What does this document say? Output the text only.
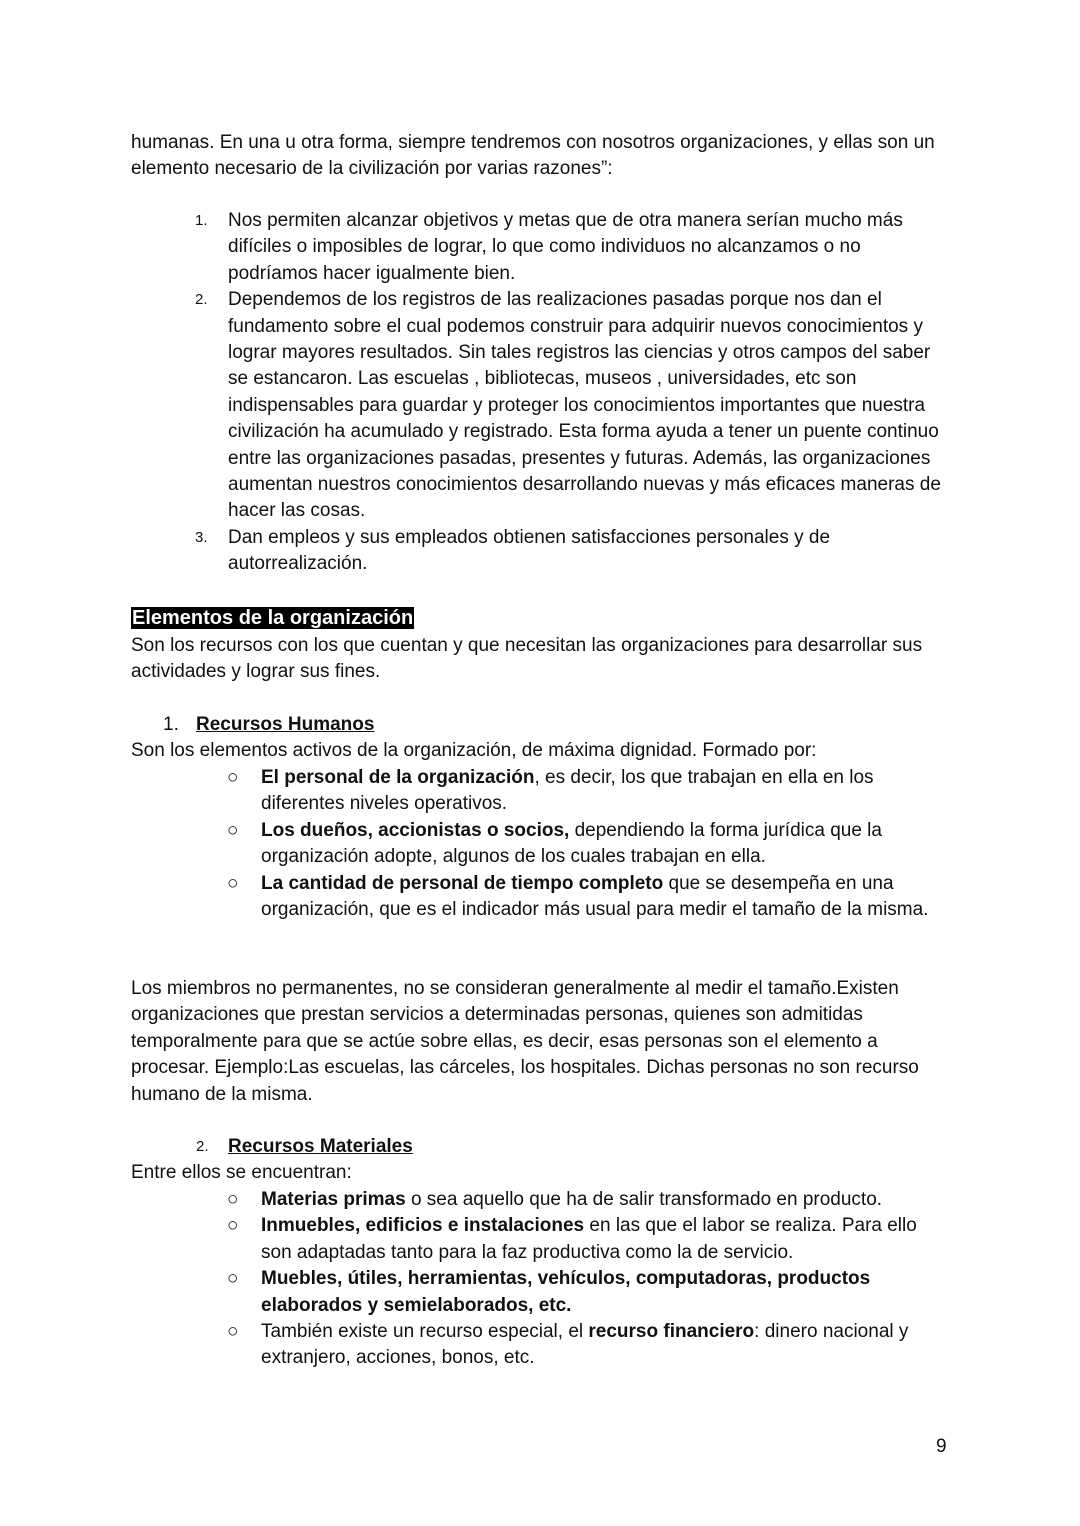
humanas. En una u otra forma, siempre tendremos con nosotros organizaciones, y ellas son un elemento necesario de la civilización por varias razones”:

1. Nos permiten alcanzar objetivos y metas que de otra manera serían mucho más difíciles o imposibles de lograr, lo que como individuos no alcanzamos o no podríamos hacer igualmente bien.
2. Dependemos de los registros de las realizaciones pasadas porque nos dan el fundamento sobre el cual podemos construir para adquirir nuevos conocimientos y lograr mayores resultados. Sin tales registros las ciencias y otros campos del saber se estancaron. Las escuelas , bibliotecas, museos , universidades, etc son indispensables para guardar y proteger los conocimientos importantes que nuestra civilización ha acumulado y registrado. Esta forma ayuda a tener un puente continuo entre las organizaciones pasadas, presentes y futuras. Además, las organizaciones aumentan nuestros conocimientos desarrollando nuevas y más eficaces maneras de hacer las cosas.
3. Dan empleos y sus empleados obtienen satisfacciones personales y de autorrealización.
Elementos de la organización

Son los recursos con los que cuentan y que necesitan las organizaciones para desarrollar sus actividades y lograr sus fines.

1. Recursos Humanos

Son los elementos activos de la organización, de máxima dignidad. Formado por:

○ El personal de la organización, es decir, los que trabajan en ella en los diferentes niveles operativos.
○ Los dueños, accionistas o socios, dependiendo la forma jurídica que la organización adopte, algunos de los cuales trabajan en ella.
○ La cantidad de personal de tiempo completo que se desempeña en una organización, que es el indicador más usual para medir el tamaño de la misma.

Los miembros no permanentes, no se consideran generalmente al medir el tamaño.Existen organizaciones que prestan servicios a determinadas personas, quienes son admitidas temporalmente para que se actúe sobre ellas, es decir, esas personas son el elemento a procesar. Ejemplo:Las escuelas, las cárceles, los hospitales. Dichas personas no son recurso humano de la misma.

2. Recursos Materiales

Entre ellos se encuentran:

○ Materias primas o sea aquello que ha de salir transformado en producto.
○ Inmuebles, edificios e instalaciones en las que el labor se realiza. Para ello son adaptadas tanto para la faz productiva como la de servicio.
○ Muebles, útiles, herramientas, vehículos, computadoras, productos elaborados y semielaborados, etc.
○ También existe un recurso especial, el recurso financiero: dinero nacional y extranjero, acciones, bonos, etc.
9
